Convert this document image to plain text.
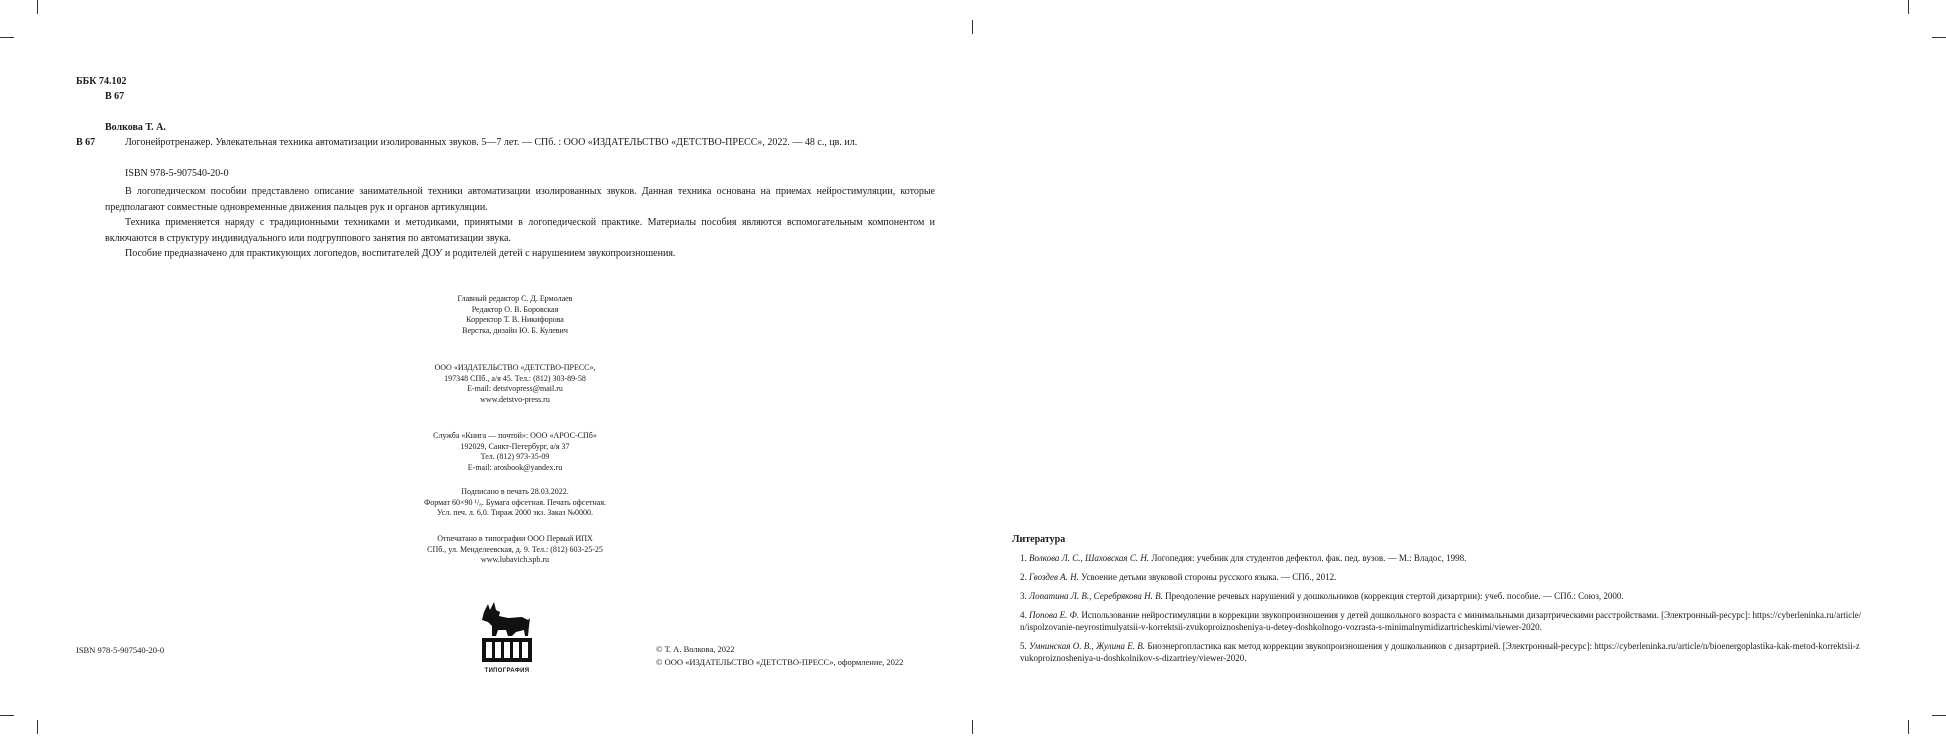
ББК 74.102
В 67
Волкова Т. А.
В 67	Логонейротренажер. Увлекательная техника автоматизации изолированных звуков. 5—7 лет. — СПб. : ООО «ИЗДАТЕЛЬСТВО «ДЕТСТВО-ПРЕСС», 2022. — 48 с., цв. ил.
ISBN 978-5-907540-20-0
В логопедическом пособии представлено описание занимательной техники автоматизации изолированных звуков. Данная техника основана на приемах нейростимуляции, которые предполагают совместные одновременные движения пальцев рук и органов артикуляции.
Техника применяется наряду с традиционными техниками и методиками, принятыми в логопедической практике. Материалы пособия являются вспомогательным компонентом и включаются в структуру индивидуального или подгруппового занятия по автоматизации звука.
Пособие предназначено для практикующих логопедов, воспитателей ДОУ и родителей детей с нарушением звукопроизношения.
Главный редактор С. Д. Ермолаев
Редактор О. В. Боровская
Корректор Т. В. Никифорова
Верстка, дизайн Ю. Б. Кулевич
ООО «ИЗДАТЕЛЬСТВО «ДЕТСТВО-ПРЕСС»,
197348 СПб., а/я 45. Тел.: (812) 303-89-58
E-mail: detstvopress@mail.ru
www.detstvo-press.ru
Служба «Книга — почтой»: ООО «АРОС-СПб»
192029, Санкт-Петербург, а/я 37
Тел. (812) 973-35-09
E-mail: arosbook@yandex.ru
Подписано в печать 28.03.2022.
Формат 60×90 ¹/₈. Бумага офсетная. Печать офсетная.
Усл. печ. л. 6,0. Тираж 2000 экз. Заказ №0000.
Отпечатано в типографии ООО Первый ИПХ
СПб., ул. Менделеевская, д. 9. Тел.: (812) 603-25-25
www.lubavich.spb.ru
ТИПОГРАФИЯ
ISBN 978-5-907540-20-0	© Т. А. Волкова, 2022
© ООО «ИЗДАТЕЛЬСТВО «ДЕТСТВО-ПРЕСС», оформление, 2022
Литература
1. Волкова Л. С., Шаховская С. Н. Логопедия: учебник для студентов дефектол. фак. пед. вузов. — М.: Владос, 1998.
2. Гвоздев А. Н. Усвоение детьми звуковой стороны русского языка. — СПб., 2012.
3. Лопатина Л. В., Серебрякова Н. В. Преодоление речевых нарушений у дошкольников (коррекция стертой дизартрии): учеб. пособие. — СПб.: Союз, 2000.
4. Попова Е. Ф. Использование нейростимуляции в коррекции звукопроизношения у детей дошкольного возраста с минимальными дизартрическими расстройствами. [Электронный-ресурс]: https://cyberleninka.ru/article/n/ispolzovanie-neyrostimulyatsii-v-korrektsii-zvukoproiznosheniya-u-detey-doshkolnogo-vozrasta-s-minimalnymidizartricheskimi/viewer-2020.
5. Умнинская О. В., Жулина Е. В. Биоэнергопластика как метод коррекции звукопроизношения у дошкольников с дизартрией. [Электронный-ресурс]: https://cyberleninka.ru/article/n/bioenergoplastika-kak-metod-korrektsii-zvukoproiznosheniya-u-doshkolnikov-s-dizartriey/viewer-2020.
